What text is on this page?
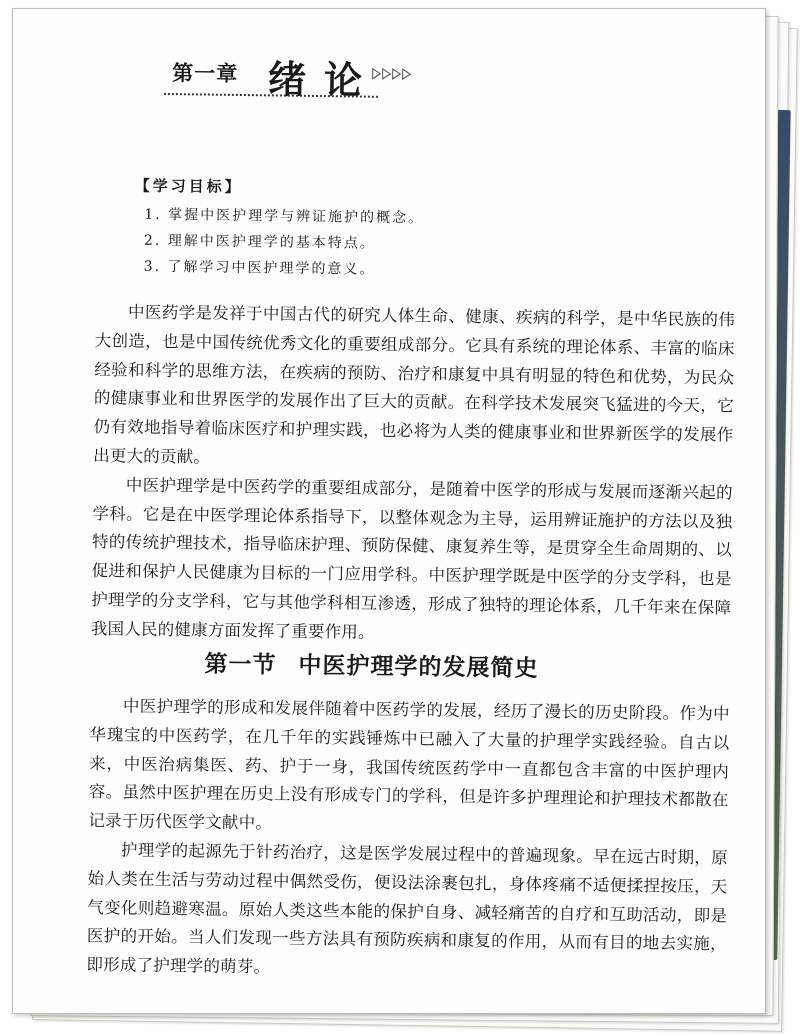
第一章 绪论
【学习目标】
1. 掌握中医护理学与辨证施护的概念。
2. 理解中医护理学的基本特点。
3. 了解学习中医护理学的意义。

中医药学是发祥于中国古代的研究人体生命、健康、疾病的科学，是中华民族的伟大创造，也是中国传统优秀文化的重要组成部分。它具有系统的理论体系、丰富的临床经验和科学的思维方法，在疾病的预防、治疗和康复中具有明显的特色和优势，为民众的健康事业和世界医学的发展作出了巨大的贡献。在科学技术发展突飞猛进的今天，它仍有效地指导着临床医疗和护理实践，也必将为人类的健康事业和世界新医学的发展作出更大的贡献。

中医护理学是中医药学的重要组成部分，是随着中医学的形成与发展而逐渐兴起的学科。它是在中医学理论体系指导下，以整体观念为主导，运用辨证施护的方法以及独特的传统护理技术，指导临床护理、预防保健、康复养生等，是贯穿全生命周期的、以促进和保护人民健康为目标的一门应用学科。中医护理学既是中医学的分支学科，也是护理学的分支学科，它与其他学科相互渗透，形成了独特的理论体系，几千年来在保障我国人民的健康方面发挥了重要作用。

第一节 中医护理学的发展简史

中医护理学的形成和发展伴随着中医药学的发展，经历了漫长的历史阶段。作为中华瑰宝的中医药学，在几千年的实践锤炼中已融入了大量的护理学实践经验。自古以来，中医治病集医、药、护于一身，我国传统医药学中一直都包含丰富的中医护理内容。虽然中医护理在历史上没有形成专门的学科，但是许多护理理论和护理技术都散在记录于历代医学文献中。

护理学的起源先于针药治疗，这是医学发展过程中的普遍现象。早在远古时期，原始人类在生活与劳动过程中偶然受伤，便设法涂裹包扎，身体疼痛不适便揉捏按压，天气变化则趋避寒温。原始人类这些本能的保护自身、减轻痛苦的自疗和互助活动，即是医护的开始。当人们发现一些方法具有预防疾病和康复的作用，从而有目的地去实施，即形成了护理学的萌芽。
